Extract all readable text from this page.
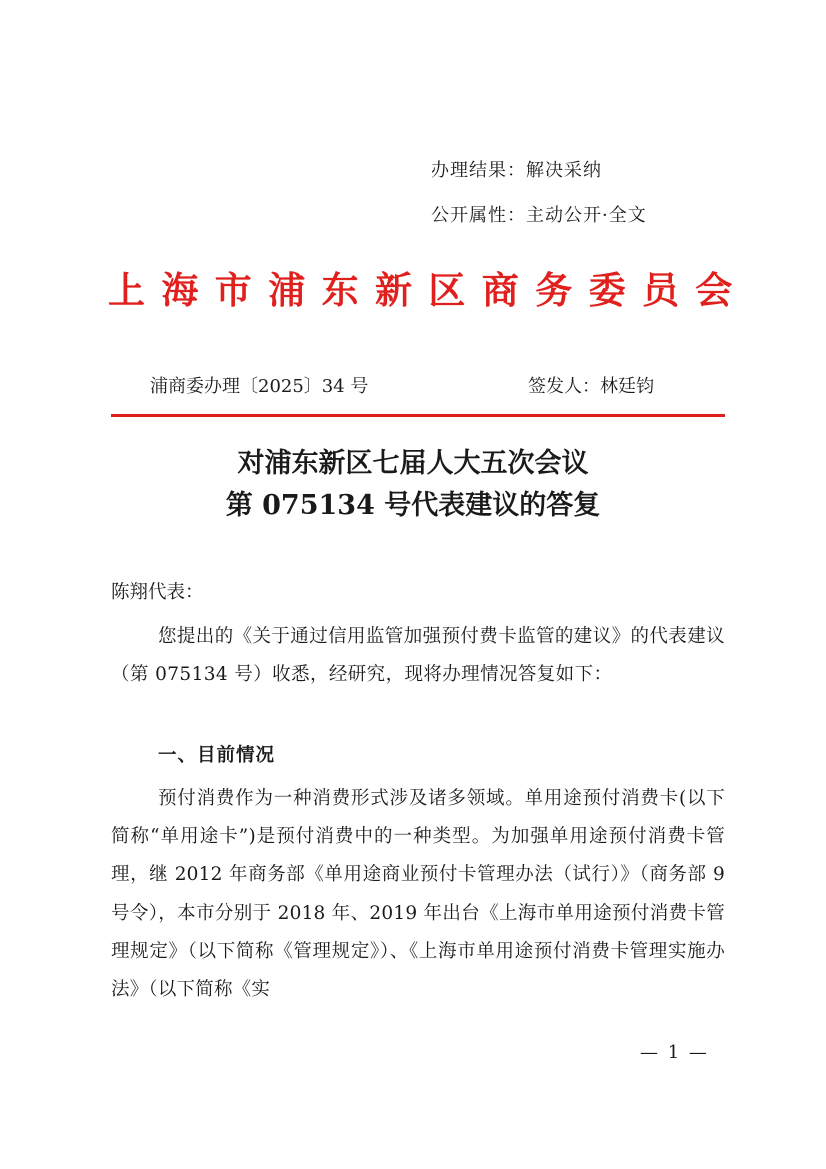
办理结果：解决采纳
公开属性：主动公开·全文
上海市浦东新区商务委员会
浦商委办理〔2025〕34 号	签发人：林廷钧
对浦东新区七届人大五次会议
第 075134 号代表建议的答复
陈翔代表：
您提出的《关于通过信用监管加强预付费卡监管的建议》的代表建议（第 075134 号）收悉，经研究，现将办理情况答复如下：
一、目前情况
预付消费作为一种消费形式涉及诸多领域。单用途预付消费卡(以下简称“单用途卡”)是预付消费中的一种类型。为加强单用途预付消费卡管理，继 2012 年商务部《单用途商业预付卡管理办法（试行）》（商务部 9 号令），本市分别于 2018 年、2019 年出台《上海市单用途预付消费卡管理规定》（以下简称《管理规定》）、《上海市单用途预付消费卡管理实施办法》（以下简称《实
— 1 —
